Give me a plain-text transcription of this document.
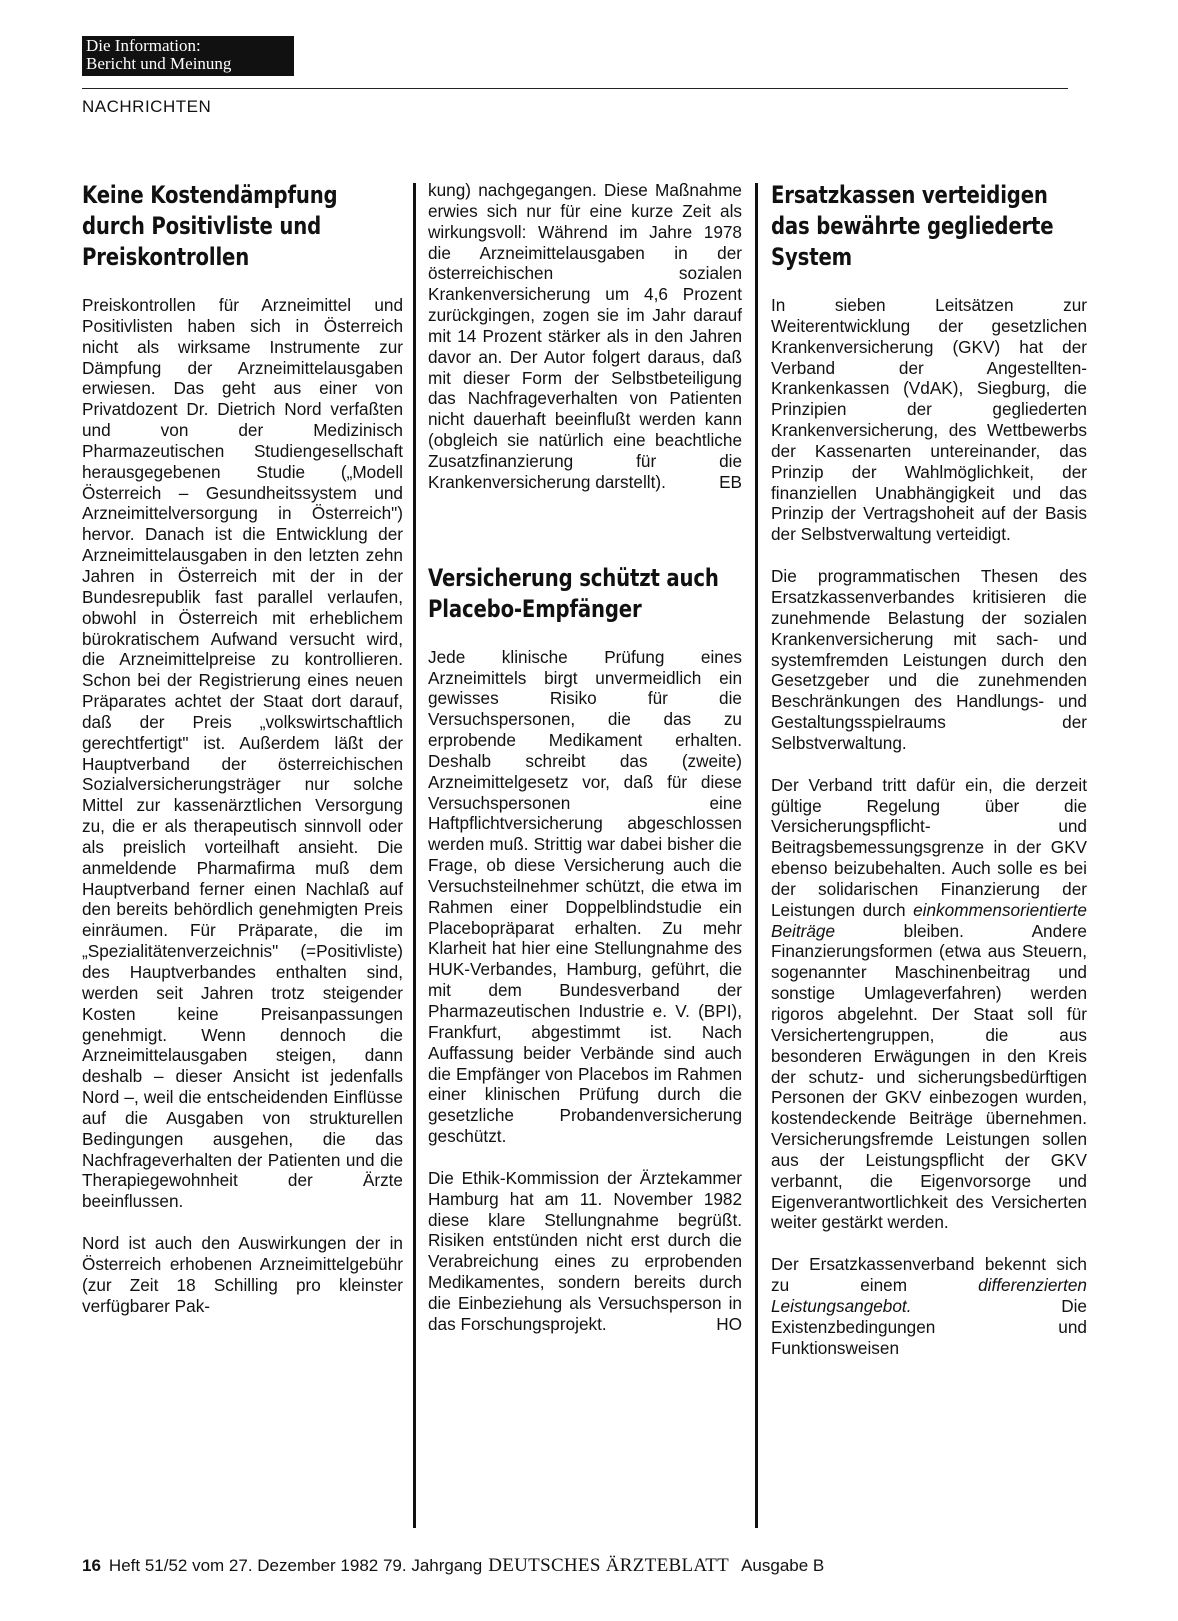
Die Information:
Bericht und Meinung
NACHRICHTEN
Keine Kostendämpfung durch Positivliste und Preiskontrollen

Preiskontrollen für Arzneimittel und Positivlisten haben sich in Österreich nicht als wirksame Instrumente zur Dämpfung der Arzneimittelausgaben erwiesen. Das geht aus einer von Privatdozent Dr. Dietrich Nord verfaßten und von der Medizinisch Pharmazeutischen Studiengesellschaft herausgegebenen Studie („Modell Österreich – Gesundheitssystem und Arzneimittelversorgung in Österreich") hervor. Danach ist die Entwicklung der Arzneimittelausgaben in den letzten zehn Jahren in Österreich mit der in der Bundesrepublik fast parallel verlaufen, obwohl in Österreich mit erheblichem bürokratischem Aufwand versucht wird, die Arzneimittelpreise zu kontrollieren. Schon bei der Registrierung eines neuen Präparates achtet der Staat dort darauf, daß der Preis „volkswirtschaftlich gerechtfertigt" ist. Außerdem läßt der Hauptverband der österreichischen Sozialversicherungsträger nur solche Mittel zur kassenärztlichen Versorgung zu, die er als therapeutisch sinnvoll oder als preislich vorteilhaft ansieht. Die anmeldende Pharmafirma muß dem Hauptverband ferner einen Nachlaß auf den bereits behördlich genehmigten Preis einräumen. Für Präparate, die im „Spezialitätenverzeichnis" (=Positivliste) des Hauptverbandes enthalten sind, werden seit Jahren trotz steigender Kosten keine Preisanpassungen genehmigt. Wenn dennoch die Arzneimittelausgaben steigen, dann deshalb – dieser Ansicht ist jedenfalls Nord –, weil die entscheidenden Einflüsse auf die Ausgaben von strukturellen Bedingungen ausgehen, die das Nachfrageverhalten der Patienten und die Therapiegewohnheit der Ärzte beeinflussen.

Nord ist auch den Auswirkungen der in Österreich erhobenen Arzneimittelgebühr (zur Zeit 18 Schilling pro kleinster verfügbarer Pak-

kung) nachgegangen. Diese Maßnahme erwies sich nur für eine kurze Zeit als wirkungsvoll: Während im Jahre 1978 die Arzneimittelausgaben in der österreichischen sozialen Krankenversicherung um 4,6 Prozent zurückgingen, zogen sie im Jahr darauf mit 14 Prozent stärker als in den Jahren davor an. Der Autor folgert daraus, daß mit dieser Form der Selbstbeteiligung das Nachfrageverhalten von Patienten nicht dauerhaft beeinflußt werden kann (obgleich sie natürlich eine beachtliche Zusatzfinanzierung für die Krankenversicherung darstellt).	EB

Versicherung schützt auch Placebo-Empfänger

Jede klinische Prüfung eines Arzneimittels birgt unvermeidlich ein gewisses Risiko für die Versuchspersonen, die das zu erprobende Medikament erhalten. Deshalb schreibt das (zweite) Arzneimittelgesetz vor, daß für diese Versuchspersonen eine Haftpflichtversicherung abgeschlossen werden muß. Strittig war dabei bisher die Frage, ob diese Versicherung auch die Versuchsteilnehmer schützt, die etwa im Rahmen einer Doppelblindstudie ein Placebopräparat erhalten. Zu mehr Klarheit hat hier eine Stellungnahme des HUK-Verbandes, Hamburg, geführt, die mit dem Bundesverband der Pharmazeutischen Industrie e. V. (BPI), Frankfurt, abgestimmt ist. Nach Auffassung beider Verbände sind auch die Empfänger von Placebos im Rahmen einer klinischen Prüfung durch die gesetzliche Probandenversicherung geschützt.

Die Ethik-Kommission der Ärztekammer Hamburg hat am 11. November 1982 diese klare Stellungnahme begrüßt. Risiken entstünden nicht erst durch die Verabreichung eines zu erprobenden Medikamentes, sondern bereits durch die Einbeziehung als Versuchsperson in das Forschungsprojekt.	HO

Ersatzkassen verteidigen das bewährte gegliederte System

In sieben Leitsätzen zur Weiterentwicklung der gesetzlichen Krankenversicherung (GKV) hat der Verband der Angestellten-Krankenkassen (VdAK), Siegburg, die Prinzipien der gegliederten Krankenversicherung, des Wettbewerbs der Kassenarten untereinander, das Prinzip der Wahlmöglichkeit, der finanziellen Unabhängigkeit und das Prinzip der Vertragshoheit auf der Basis der Selbstverwaltung verteidigt.

Die programmatischen Thesen des Ersatzkassenverbandes kritisieren die zunehmende Belastung der sozialen Krankenversicherung mit sach- und systemfremden Leistungen durch den Gesetzgeber und die zunehmenden Beschränkungen des Handlungs- und Gestaltungsspielraums der Selbstverwaltung.

Der Verband tritt dafür ein, die derzeit gültige Regelung über die Versicherungspflicht- und Beitragsbemessungsgrenze in der GKV ebenso beizubehalten. Auch solle es bei der solidarischen Finanzierung der Leistungen durch einkommensorientierte Beiträge	bleiben. Andere Finanzierungsformen (etwa aus Steuern, sogenannter Maschinenbeitrag und sonstige Umlageverfahren) werden rigoros abgelehnt. Der Staat soll für Versichertengruppen, die aus besonderen Erwägungen in den Kreis der schutz- und sicherungsbedürftigen Personen der GKV einbezogen wurden, kostendeckende Beiträge übernehmen. Versicherungsfremde Leistungen sollen aus der Leistungspflicht der GKV verbannt, die Eigenvorsorge und Eigenverantwortlichkeit des Versicherten weiter gestärkt werden.

Der Ersatzkassenverband bekennt sich zu einem	differenzierten Leistungsangebot.	Die Existenzbedingungen und Funktionsweisen

16 Heft 51/52 vom 27. Dezember 1982 79. Jahrgang DEUTSCHES ÄRZTEBLATT Ausgabe B
